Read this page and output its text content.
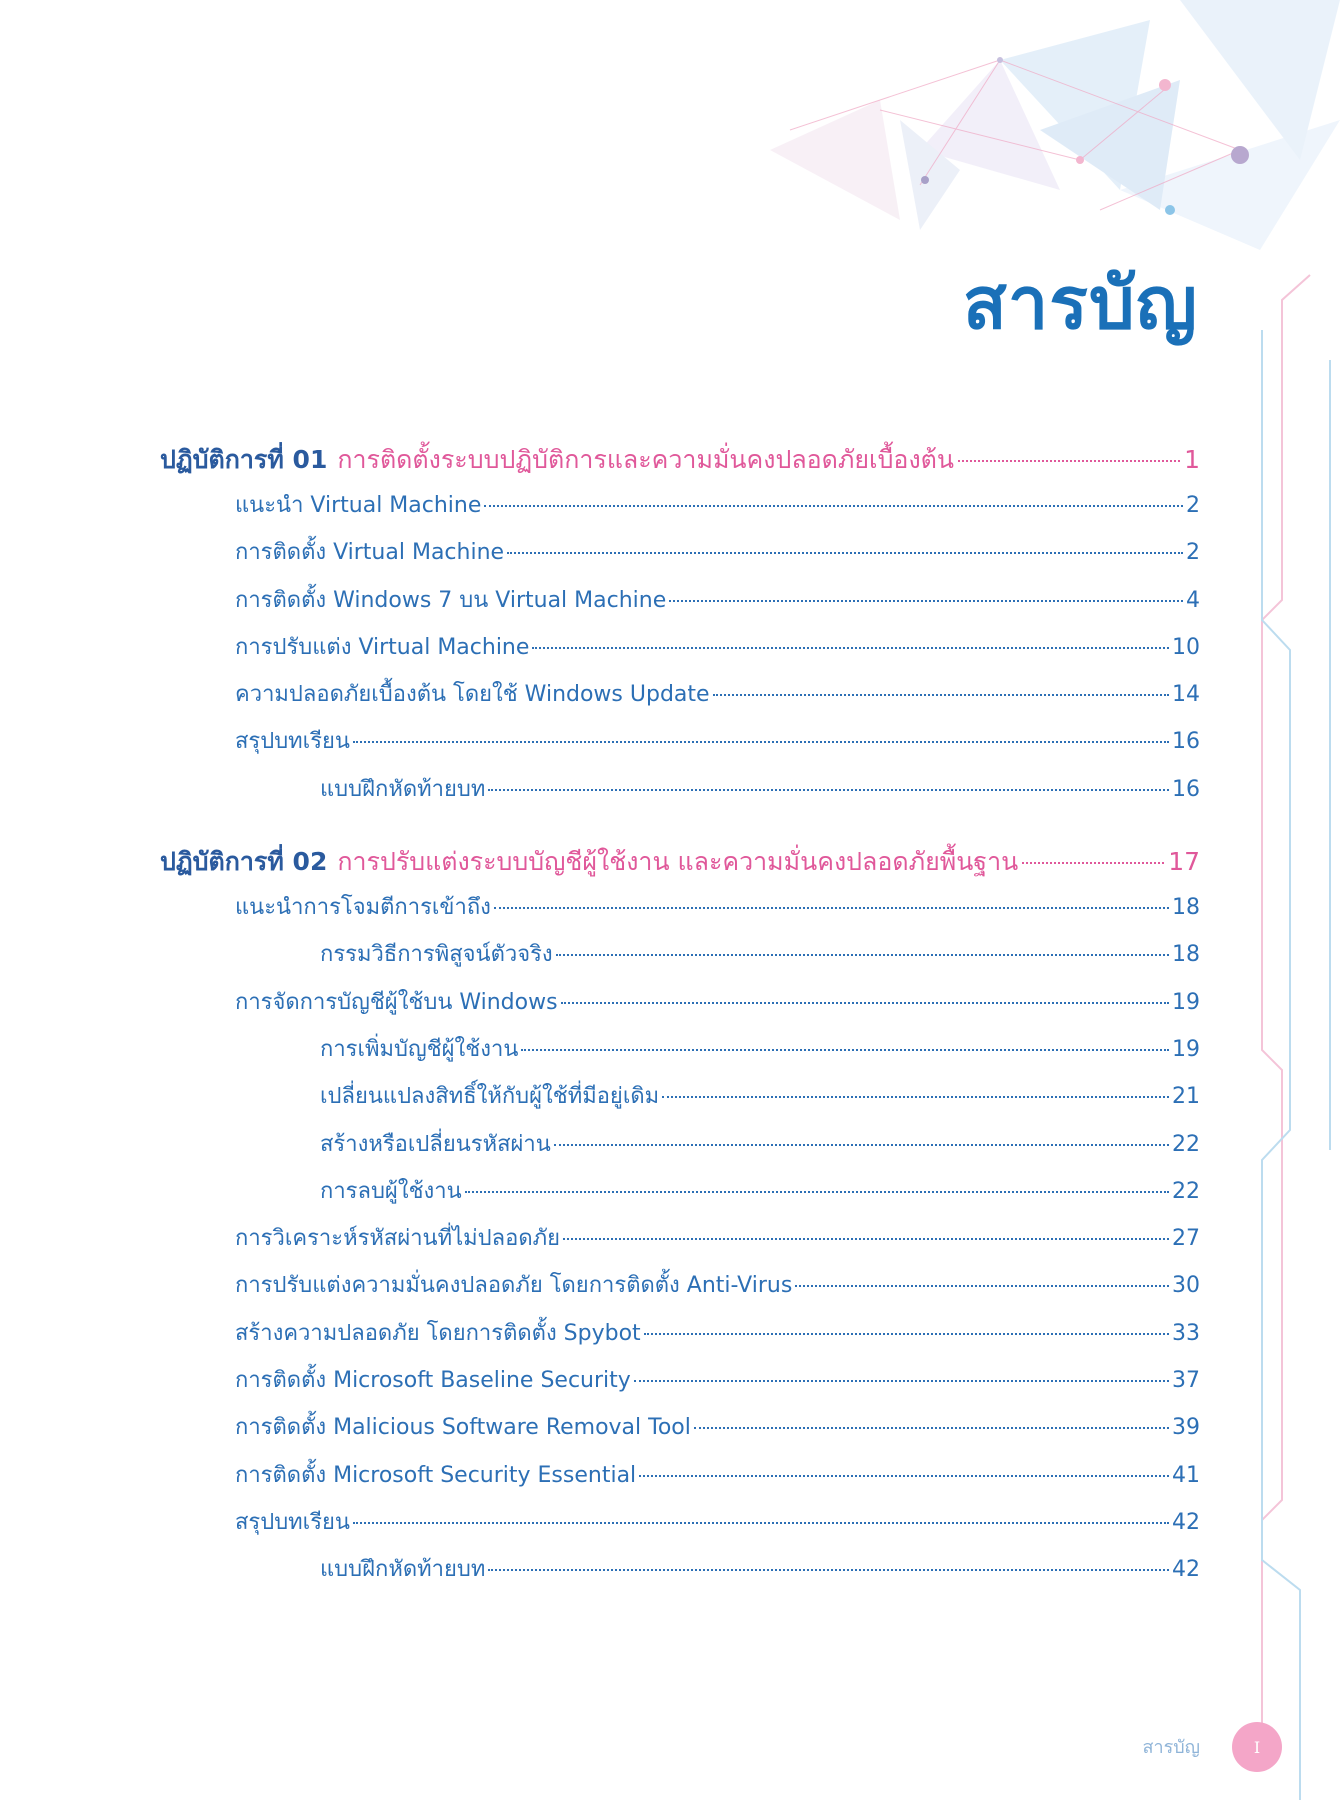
สารบัญ
ปฏิบัติการที่ 01 การติดตั้งระบบปฏิบัติการและความมั่นคงปลอดภัยเบื้องต้น	1
แนะนำ Virtual Machine	2
การติดตั้ง Virtual Machine	2
การติดตั้ง Windows 7 บน Virtual Machine	4
การปรับแต่ง Virtual Machine	10
ความปลอดภัยเบื้องต้น โดยใช้ Windows Update	14
สรุปบทเรียน	16
แบบฝึกหัดท้ายบท	16
ปฏิบัติการที่ 02 การปรับแต่งระบบบัญชีผู้ใช้งาน และความมั่นคงปลอดภัยพื้นฐาน	17
แนะนำการโจมตีการเข้าถึง	18
กรรมวิธีการพิสูจน์ตัวจริง	18
การจัดการบัญชีผู้ใช้บน Windows	19
การเพิ่มบัญชีผู้ใช้งาน	19
เปลี่ยนแปลงสิทธิ์ให้กับผู้ใช้ที่มีอยู่เดิม	21
สร้างหรือเปลี่ยนรหัสผ่าน	22
การลบผู้ใช้งาน	22
การวิเคราะห์รหัสผ่านที่ไม่ปลอดภัย	27
การปรับแต่งความมั่นคงปลอดภัย โดยการติดตั้ง Anti-Virus	30
สร้างความปลอดภัย โดยการติดตั้ง Spybot	33
การติดตั้ง Microsoft Baseline Security	37
การติดตั้ง Malicious Software Removal Tool	39
การติดตั้ง Microsoft Security Essential	41
สรุปบทเรียน	42
แบบฝึกหัดท้ายบท	42
สารบัญ	I
